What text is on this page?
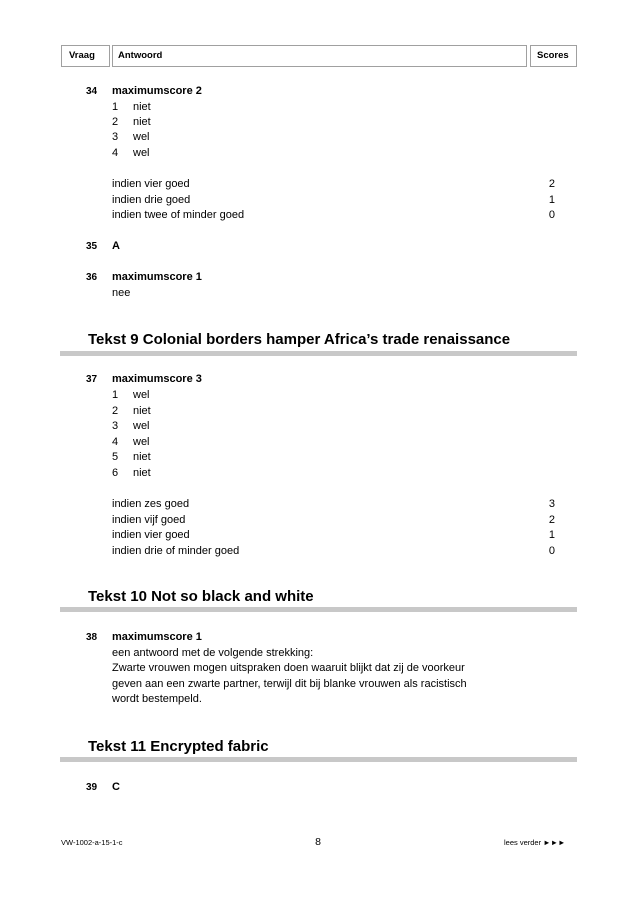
Vraag	Antwoord	Scores
34 maximumscore 2
1 niet
2 niet
3 wel
4 wel
indien vier goed	2
indien drie goed	1
indien twee of minder goed	0
35 A
36 maximumscore 1
nee
Tekst 9 Colonial borders hamper Africa’s trade renaissance
37 maximumscore 3
1 wel
2 niet
3 wel
4 wel
5 niet
6 niet
indien zes goed	3
indien vijf goed	2
indien vier goed	1
indien drie of minder goed	0
Tekst 10 Not so black and white
38 maximumscore 1
een antwoord met de volgende strekking:
Zwarte vrouwen mogen uitspraken doen waaruit blijkt dat zij de voorkeur
geven aan een zwarte partner, terwijl dit bij blanke vrouwen als racistisch
wordt bestempeld.
Tekst 11 Encrypted fabric
39 C
VW-1002-a-15-1-c	8	lees verder ►►►
